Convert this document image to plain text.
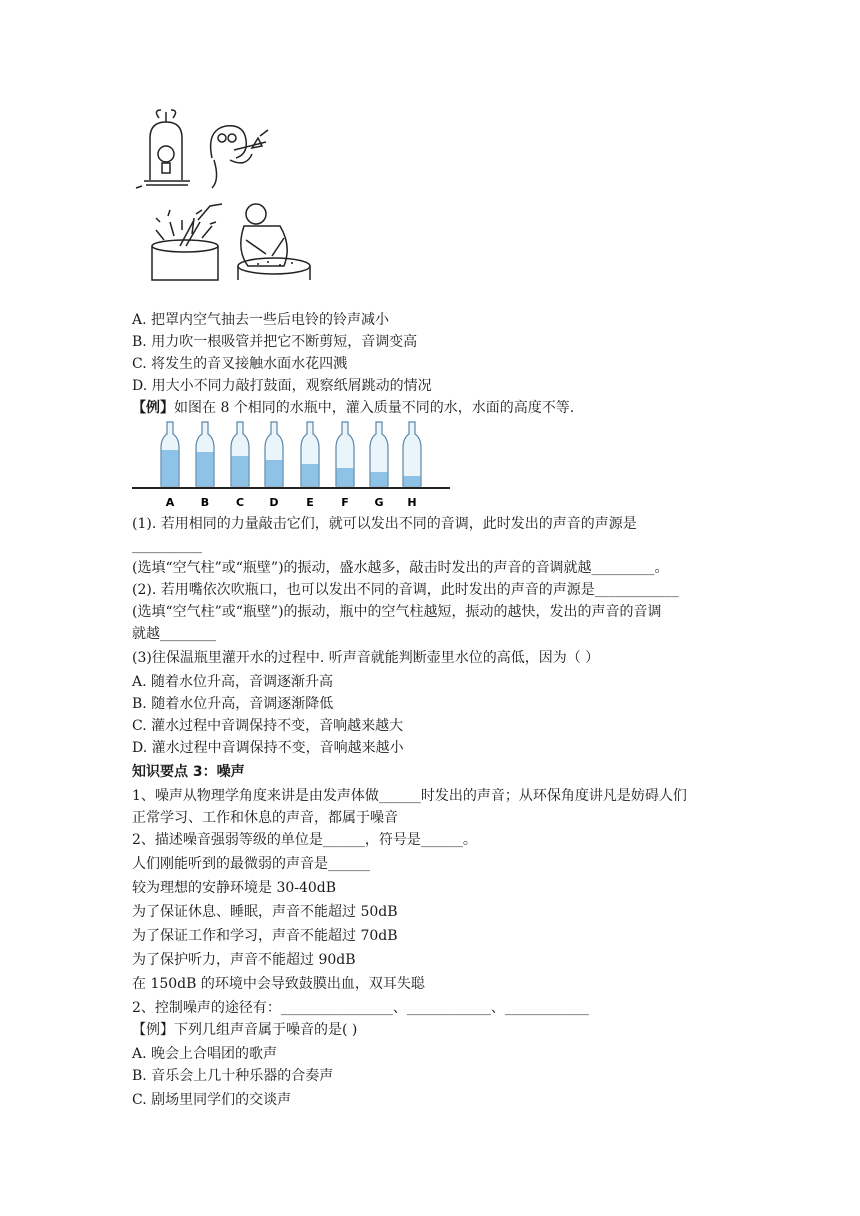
A. 把罩内空气抽去一些后电铃的铃声减小
B. 用力吹一根吸管并把它不断剪短，音调变高
C. 将发生的音叉接触水面水花四溅
D. 用大小不同力敲打鼓面，观察纸屑跳动的情况
【例】如图在 8 个相同的水瓶中，灌入质量不同的水，水面的高度不等.
A B C D	E F G H
(1). 若用相同的力量敲击它们，就可以发出不同的音调，此时发出的声音的声源是
__________
(选填“空气柱”或“瓶壁”)的振动，盛水越多，敲击时发出的声音的音调就越_________。
(2). 若用嘴依次吹瓶口，也可以发出不同的音调，此时发出的声音的声源是____________
(选填“空气柱”或“瓶壁”)的振动，瓶中的空气柱越短，振动的越快，发出的声音的音调
就越________
(3)往保温瓶里灌开水的过程中. 听声音就能判断壶里水位的高低，因为（ ）
A. 随着水位升高，音调逐渐升高
B. 随着水位升高，音调逐渐降低
C. 灌水过程中音调保持不变，音响越来越大
D. 灌水过程中音调保持不变，音响越来越小
知识要点 3：噪声
1、噪声从物理学角度来讲是由发声体做______时发出的声音；从环保角度讲凡是妨碍人们
正常学习、工作和休息的声音，都属于噪音
2、描述噪音强弱等级的单位是______，符号是______。
人们刚能听到的最微弱的声音是______
较为理想的安静环境是 30-40dB
为了保证休息、睡眠，声音不能超过 50dB
为了保证工作和学习，声音不能超过 70dB
为了保护听力，声音不能超过 90dB
在 150dB 的环境中会导致鼓膜出血，双耳失聪
2、控制噪声的途径有：________________、____________、____________
【例】下列几组声音属于噪音的是( )
A. 晚会上合唱团的歌声
B. 音乐会上几十种乐器的合奏声
C. 剧场里同学们的交谈声
